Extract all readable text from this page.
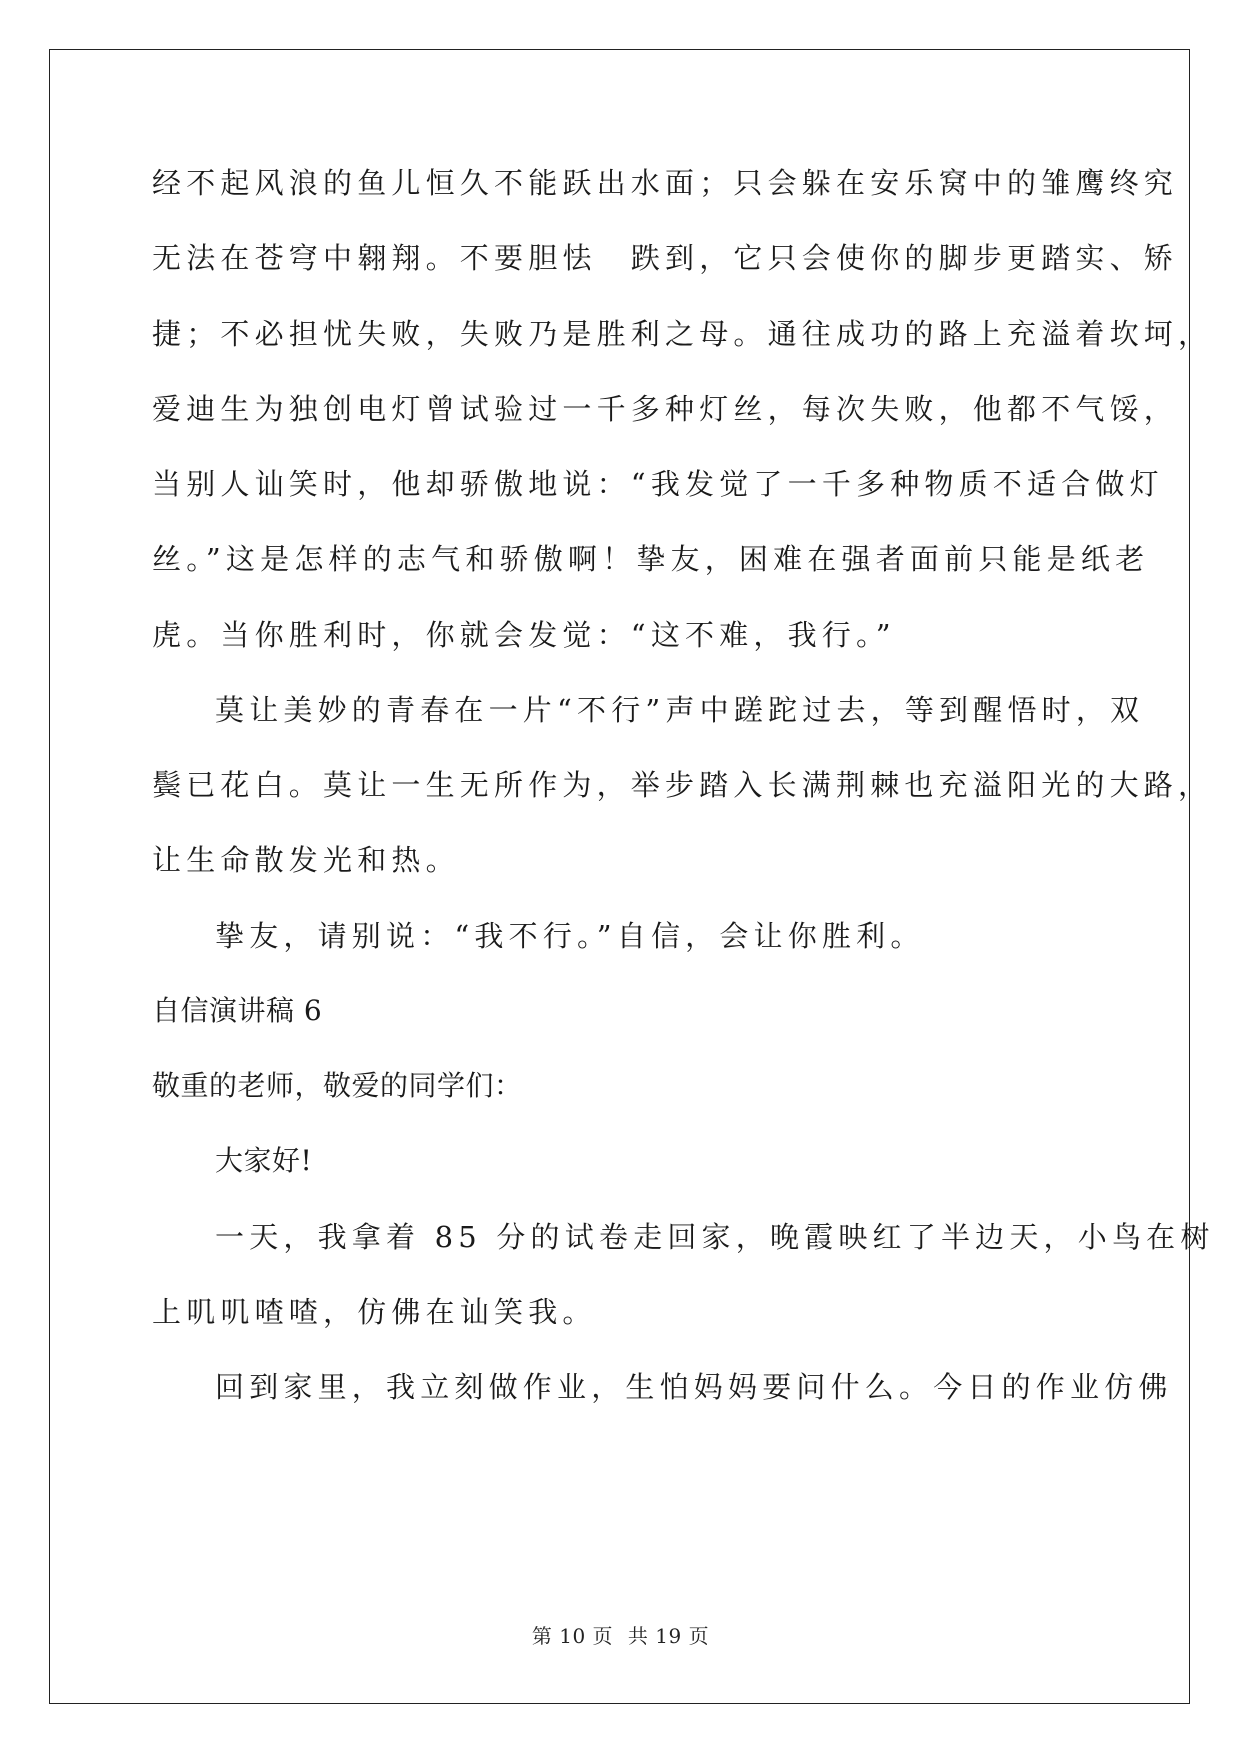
经不起风浪的鱼儿恒久不能跃出水面；只会躲在安乐窝中的雏鹰终究
无法在苍穹中翱翔。不要胆怯　跌到，它只会使你的脚步更踏实、矫
捷；不必担忧失败，失败乃是胜利之母。通往成功的路上充溢着坎坷，
爱迪生为独创电灯曾试验过一千多种灯丝，每次失败，他都不气馁，
当别人讪笑时，他却骄傲地说：“我发觉了一千多种物质不适合做灯
丝。”这是怎样的志气和骄傲啊！挚友，困难在强者面前只能是纸老
虎。当你胜利时，你就会发觉：“这不难，我行。”
莫让美妙的青春在一片“不行”声中蹉跎过去，等到醒悟时，双
鬓已花白。莫让一生无所作为，举步踏入长满荆棘也充溢阳光的大路，
让生命散发光和热。
挚友，请别说：“我不行。”自信，会让你胜利。
自信演讲稿 6
敬重的老师，敬爱的同学们：
大家好!
一天，我拿着 85 分的试卷走回家，晚霞映红了半边天，小鸟在树
上叽叽喳喳，仿佛在讪笑我。
回到家里，我立刻做作业，生怕妈妈要问什么。今日的作业仿佛
第 10 页 共 19 页
